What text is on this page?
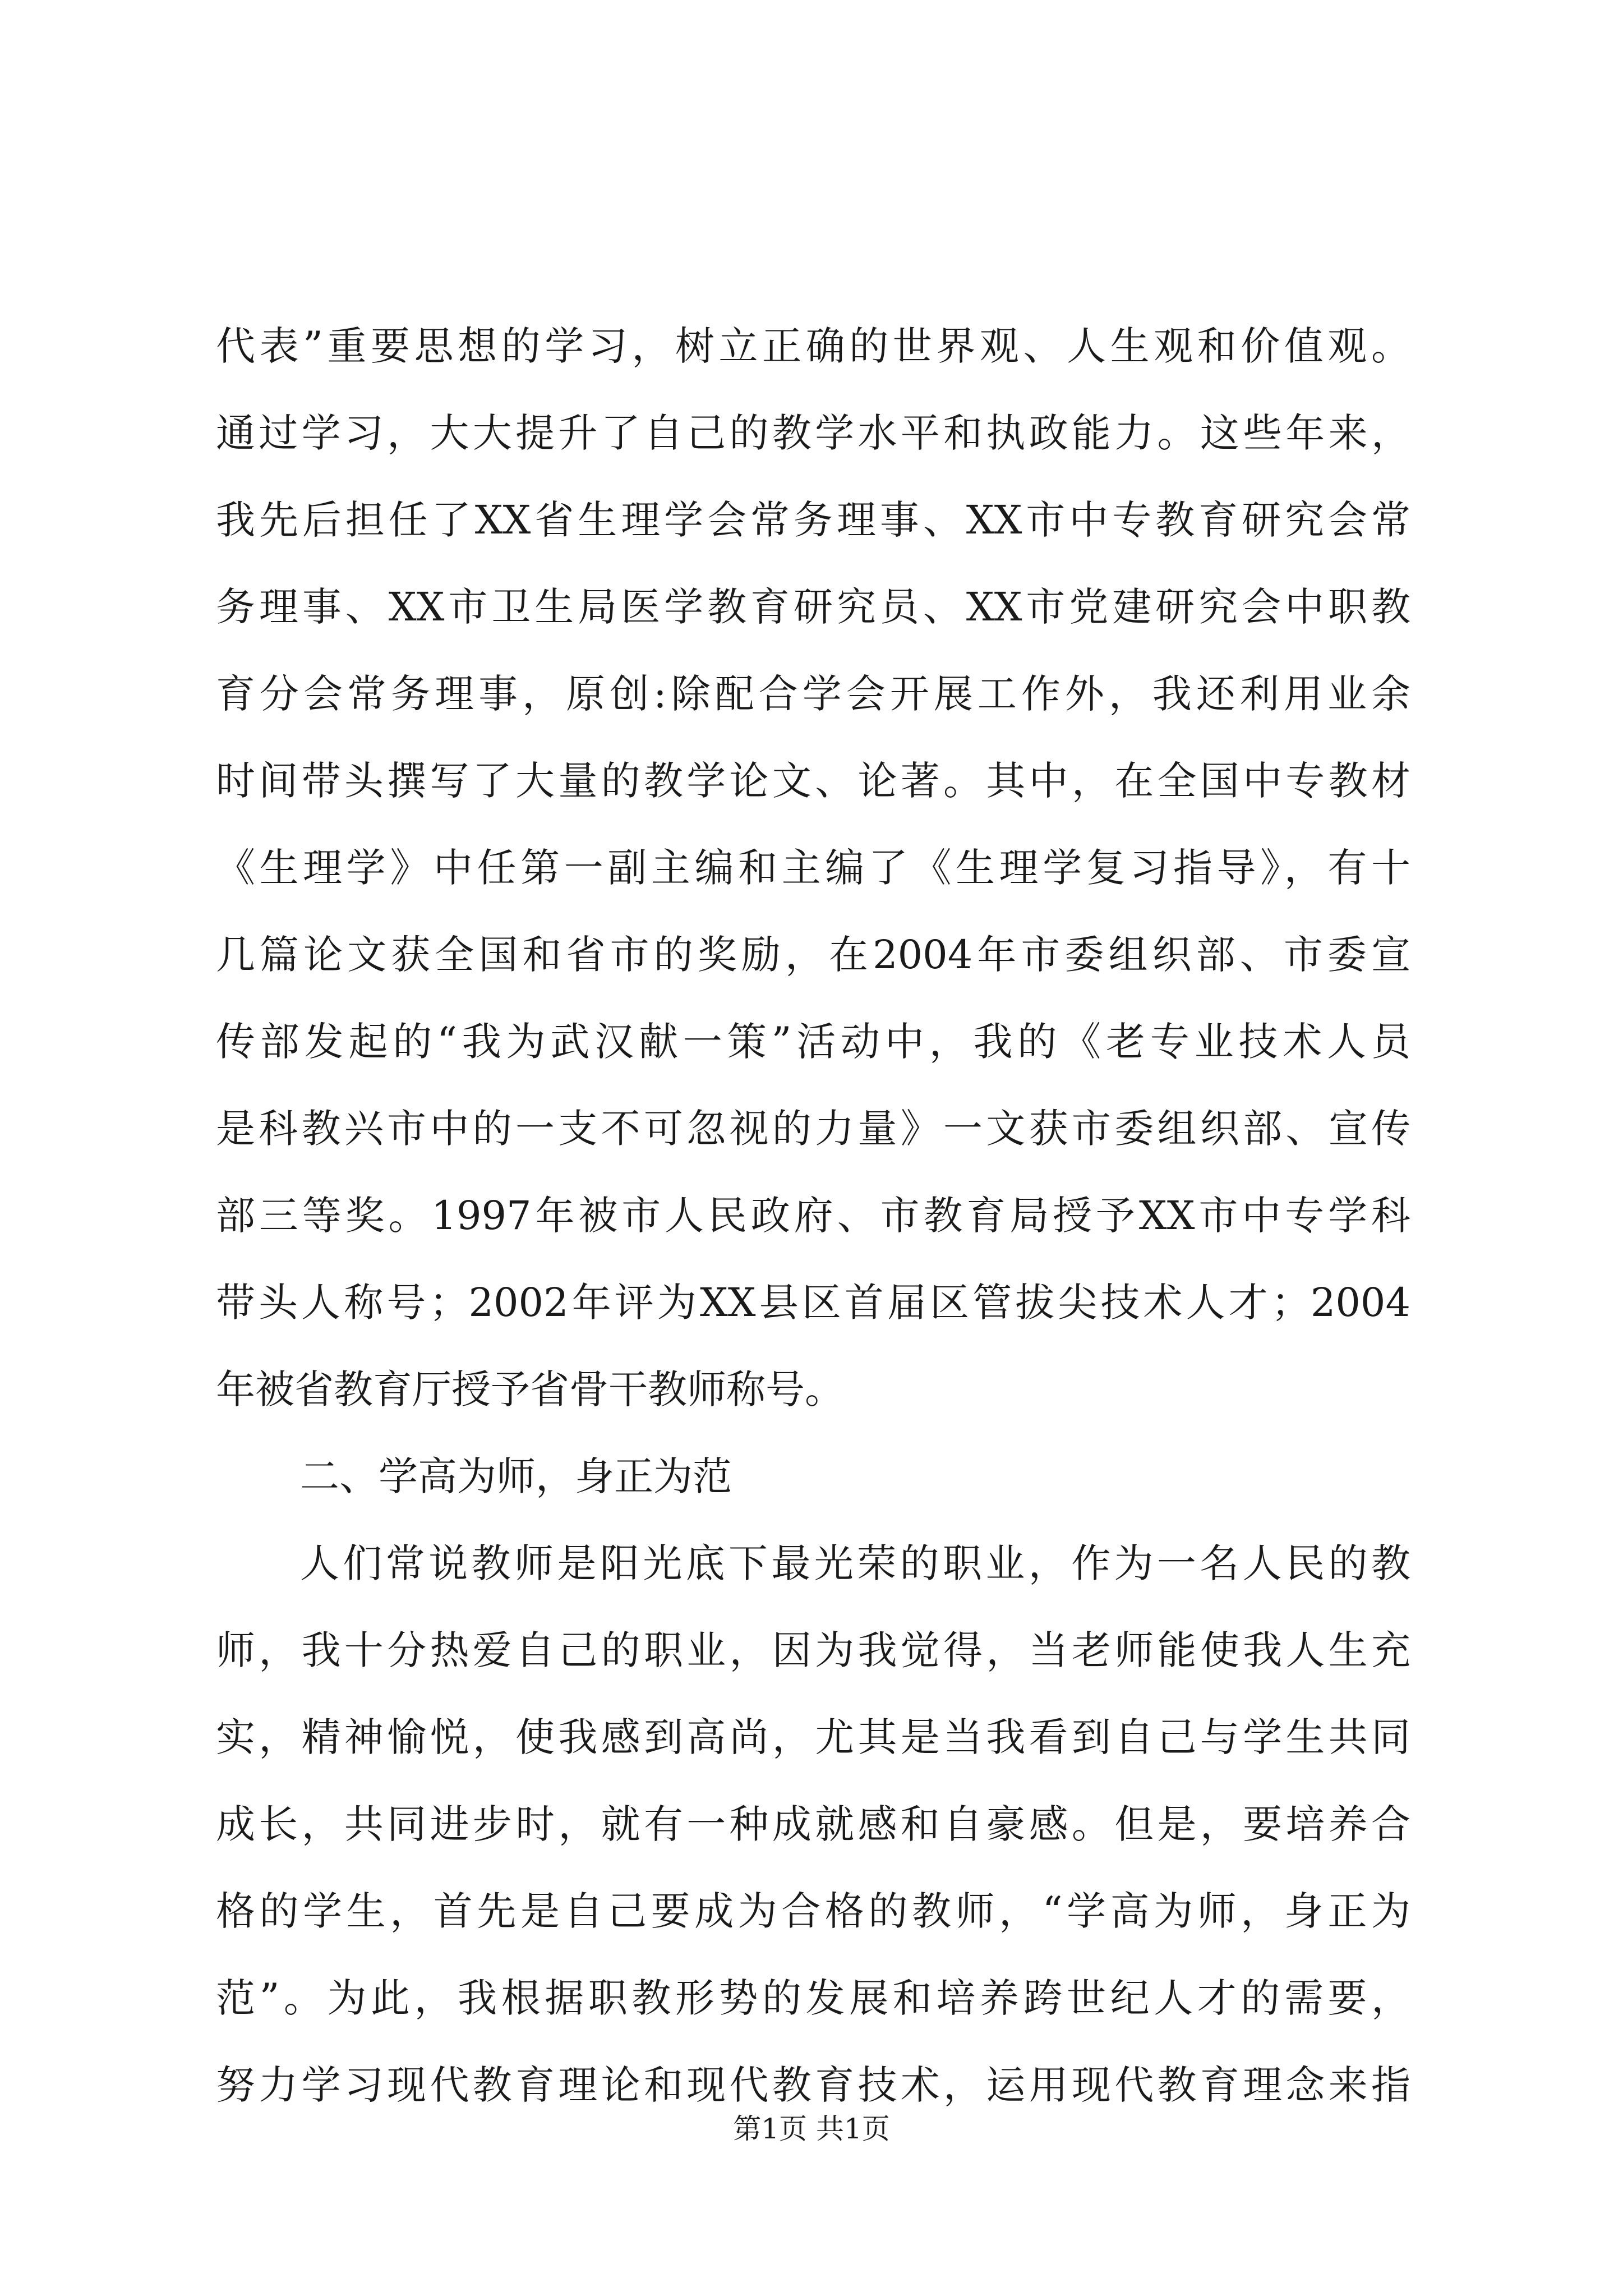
代表”重要思想的学习，树立正确的世界观、人生观和价值观。
通过学习，大大提升了自己的教学水平和执政能力。这些年来，
我先后担任了XX省生理学会常务理事、XX市中专教育研究会常
务理事、XX市卫生局医学教育研究员、XX市党建研究会中职教
育分会常务理事，原创:除配合学会开展工作外，我还利用业余
时间带头撰写了大量的教学论文、论著。其中，在全国中专教材
《生理学》中任第一副主编和主编了《生理学复习指导》，有十
几篇论文获全国和省市的奖励，在2004年市委组织部、市委宣
传部发起的“我为武汉献一策”活动中，我的《老专业技术人员
是科教兴市中的一支不可忽视的力量》一文获市委组织部、宣传
部三等奖。1997年被市人民政府、市教育局授予XX市中专学科
带头人称号；2002年评为XX县区首届区管拔尖技术人才；2004
年被省教育厅授予省骨干教师称号。
二、学高为师，身正为范
人们常说教师是阳光底下最光荣的职业，作为一名人民的教
师，我十分热爱自己的职业，因为我觉得，当老师能使我人生充
实，精神愉悦，使我感到高尚，尤其是当我看到自己与学生共同
成长，共同进步时，就有一种成就感和自豪感。但是，要培养合
格的学生，首先是自己要成为合格的教师，“学高为师，身正为
范”。为此，我根据职教形势的发展和培养跨世纪人才的需要，
努力学习现代教育理论和现代教育技术，运用现代教育理念来指
第1页 共1页
